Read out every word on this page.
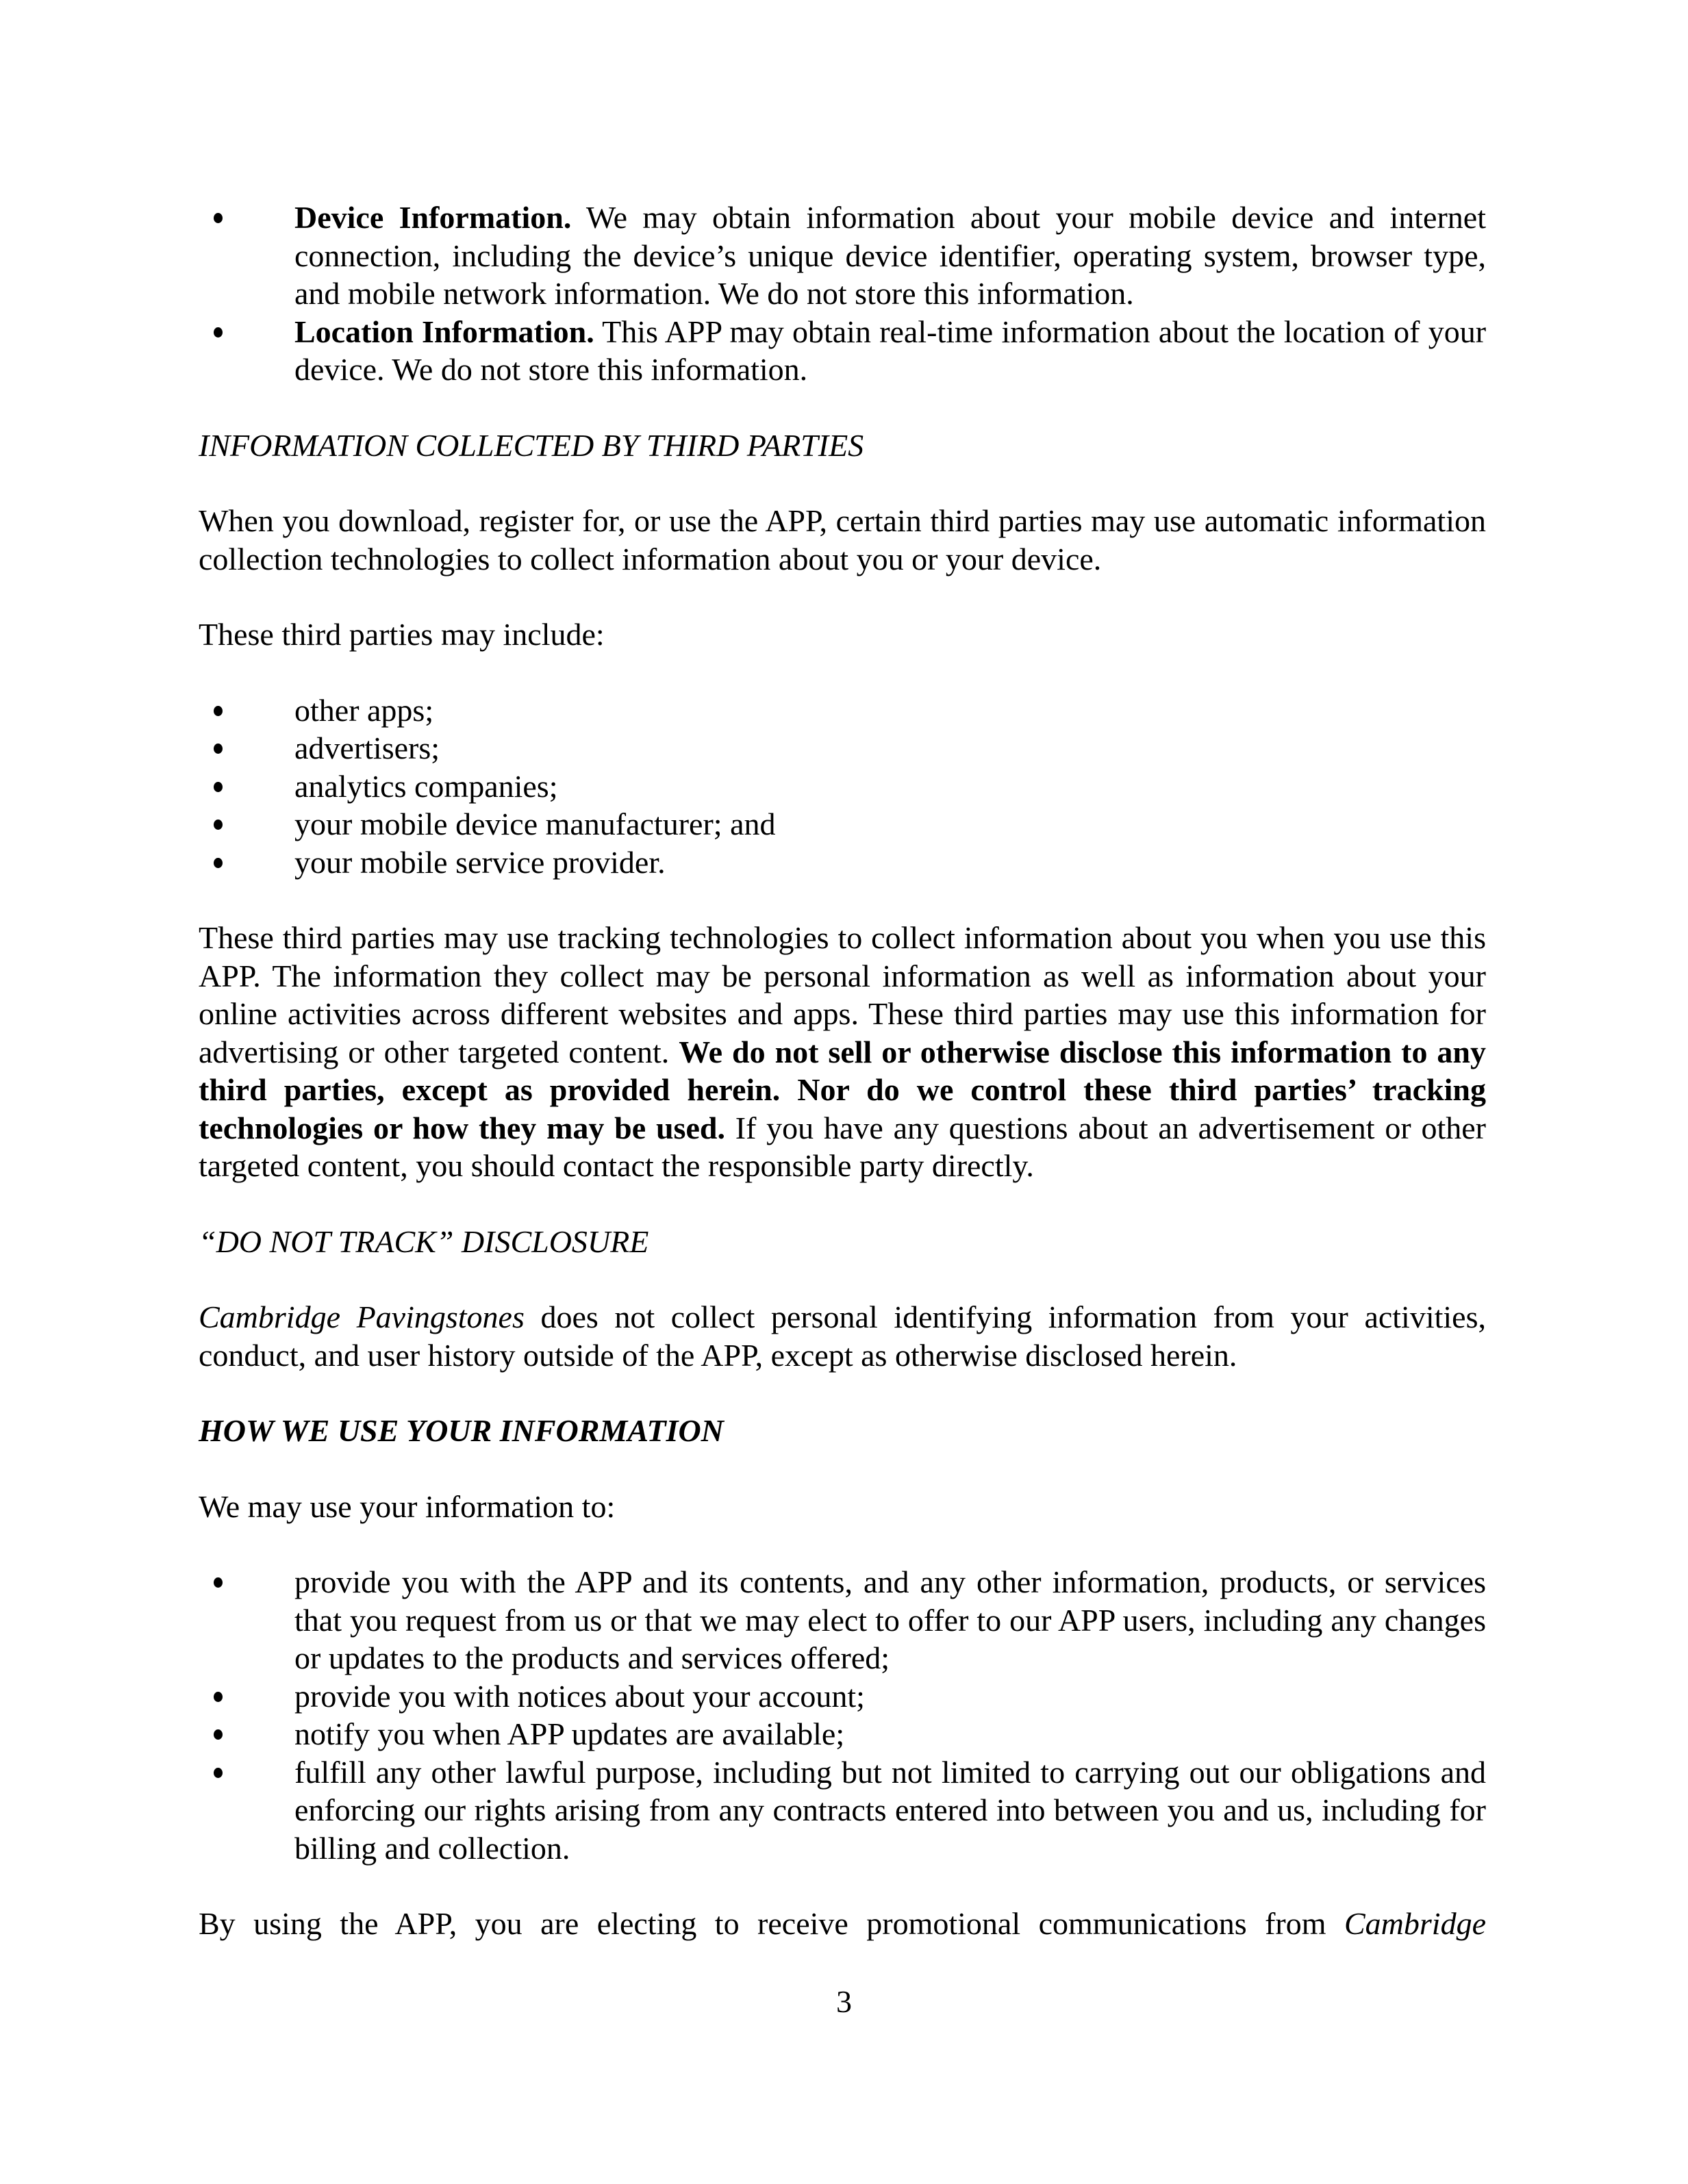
Device Information. We may obtain information about your mobile device and internet connection, including the device’s unique device identifier, operating system, browser type, and mobile network information. We do not store this information.
Location Information. This APP may obtain real-time information about the location of your device. We do not store this information.

INFORMATION COLLECTED BY THIRD PARTIES

When you download, register for, or use the APP, certain third parties may use automatic information collection technologies to collect information about you or your device.

These third parties may include:

other apps;
advertisers;
analytics companies;
your mobile device manufacturer; and
your mobile service provider.

These third parties may use tracking technologies to collect information about you when you use this APP. The information they collect may be personal information as well as information about your online activities across different websites and apps. These third parties may use this information for advertising or other targeted content. We do not sell or otherwise disclose this information to any third parties, except as provided herein. Nor do we control these third parties’ tracking technologies or how they may be used. If you have any questions about an advertisement or other targeted content, you should contact the responsible party directly.

“DO NOT TRACK” DISCLOSURE

Cambridge Pavingstones does not collect personal identifying information from your activities, conduct, and user history outside of the APP, except as otherwise disclosed herein.

HOW WE USE YOUR INFORMATION

We may use your information to:

provide you with the APP and its contents, and any other information, products, or services that you request from us or that we may elect to offer to our APP users, including any changes or updates to the products and services offered;
provide you with notices about your account;
notify you when APP updates are available;
fulfill any other lawful purpose, including but not limited to carrying out our obligations and enforcing our rights arising from any contracts entered into between you and us, including for billing and collection.

By using the APP, you are electing to receive promotional communications from Cambridge

3
